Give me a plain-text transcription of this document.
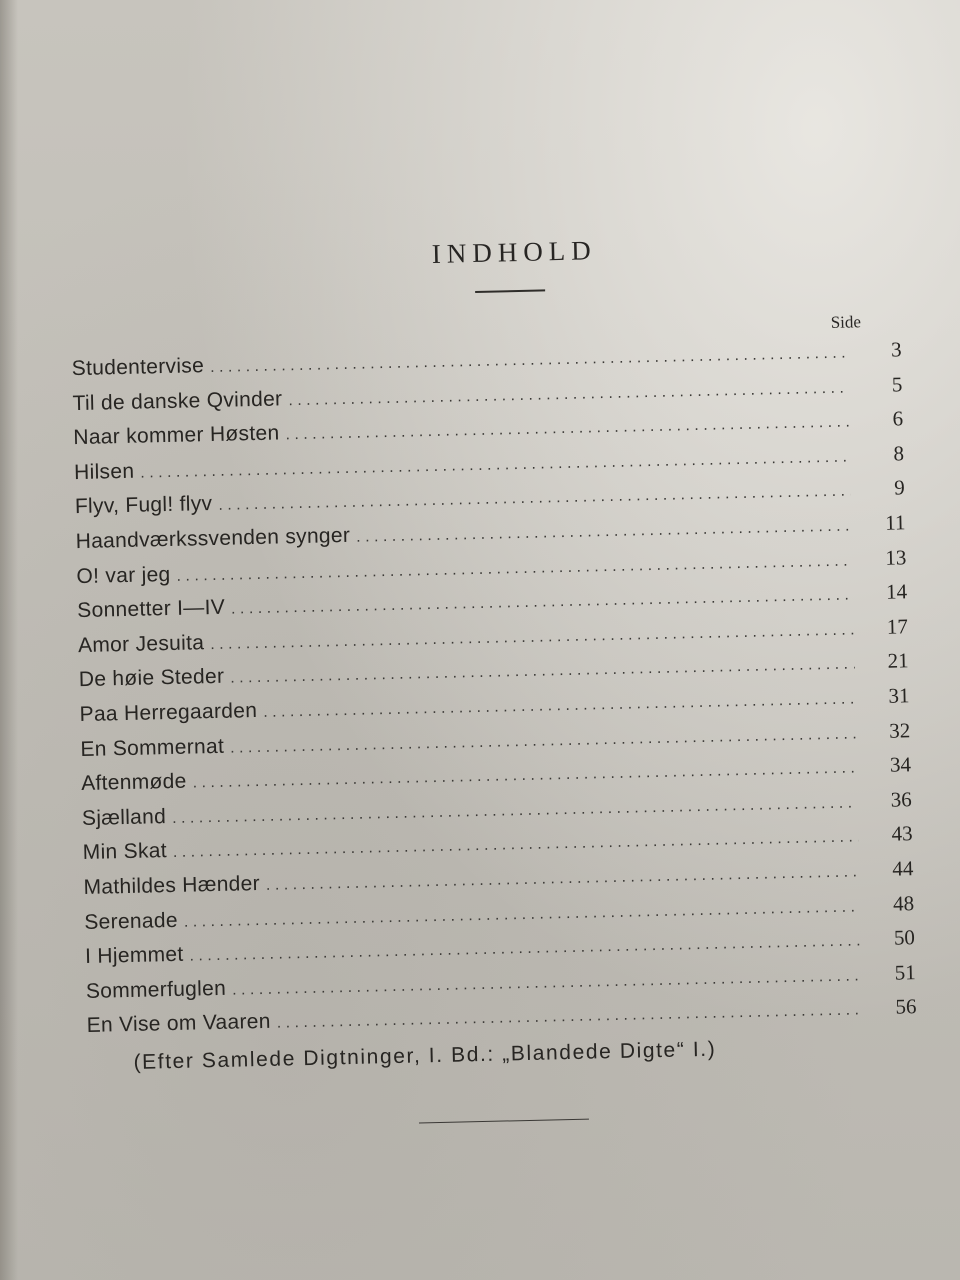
INDHOLD
Side
Studentervise
. . .
3
Til de danske Qvinder
. . .
5
Naar kommer Høsten
. . .
6
Hilsen
. . .
8
Flyv, Fugl! flyv
. . .
9
Haandværkssvenden synger
. . .
11
O! var jeg
. . .
13
Sonnetter I—IV
. . .
14
Amor Jesuita
. . .
17
De høie Steder
. . .
21
Paa Herregaarden
. . .
31
En Sommernat
. . .
32
Aftenmøde
. . .
34
Sjælland
. . .
36
Min Skat
. . .
43
Mathildes Hænder
. . .
44
Serenade
. . .
48
I Hjemmet
. . .
50
Sommerfuglen
. . .
51
En Vise om Vaaren
. . .
56
(Efter Samlede Digtninger, I. Bd.: „Blandede Digte“ I.)
